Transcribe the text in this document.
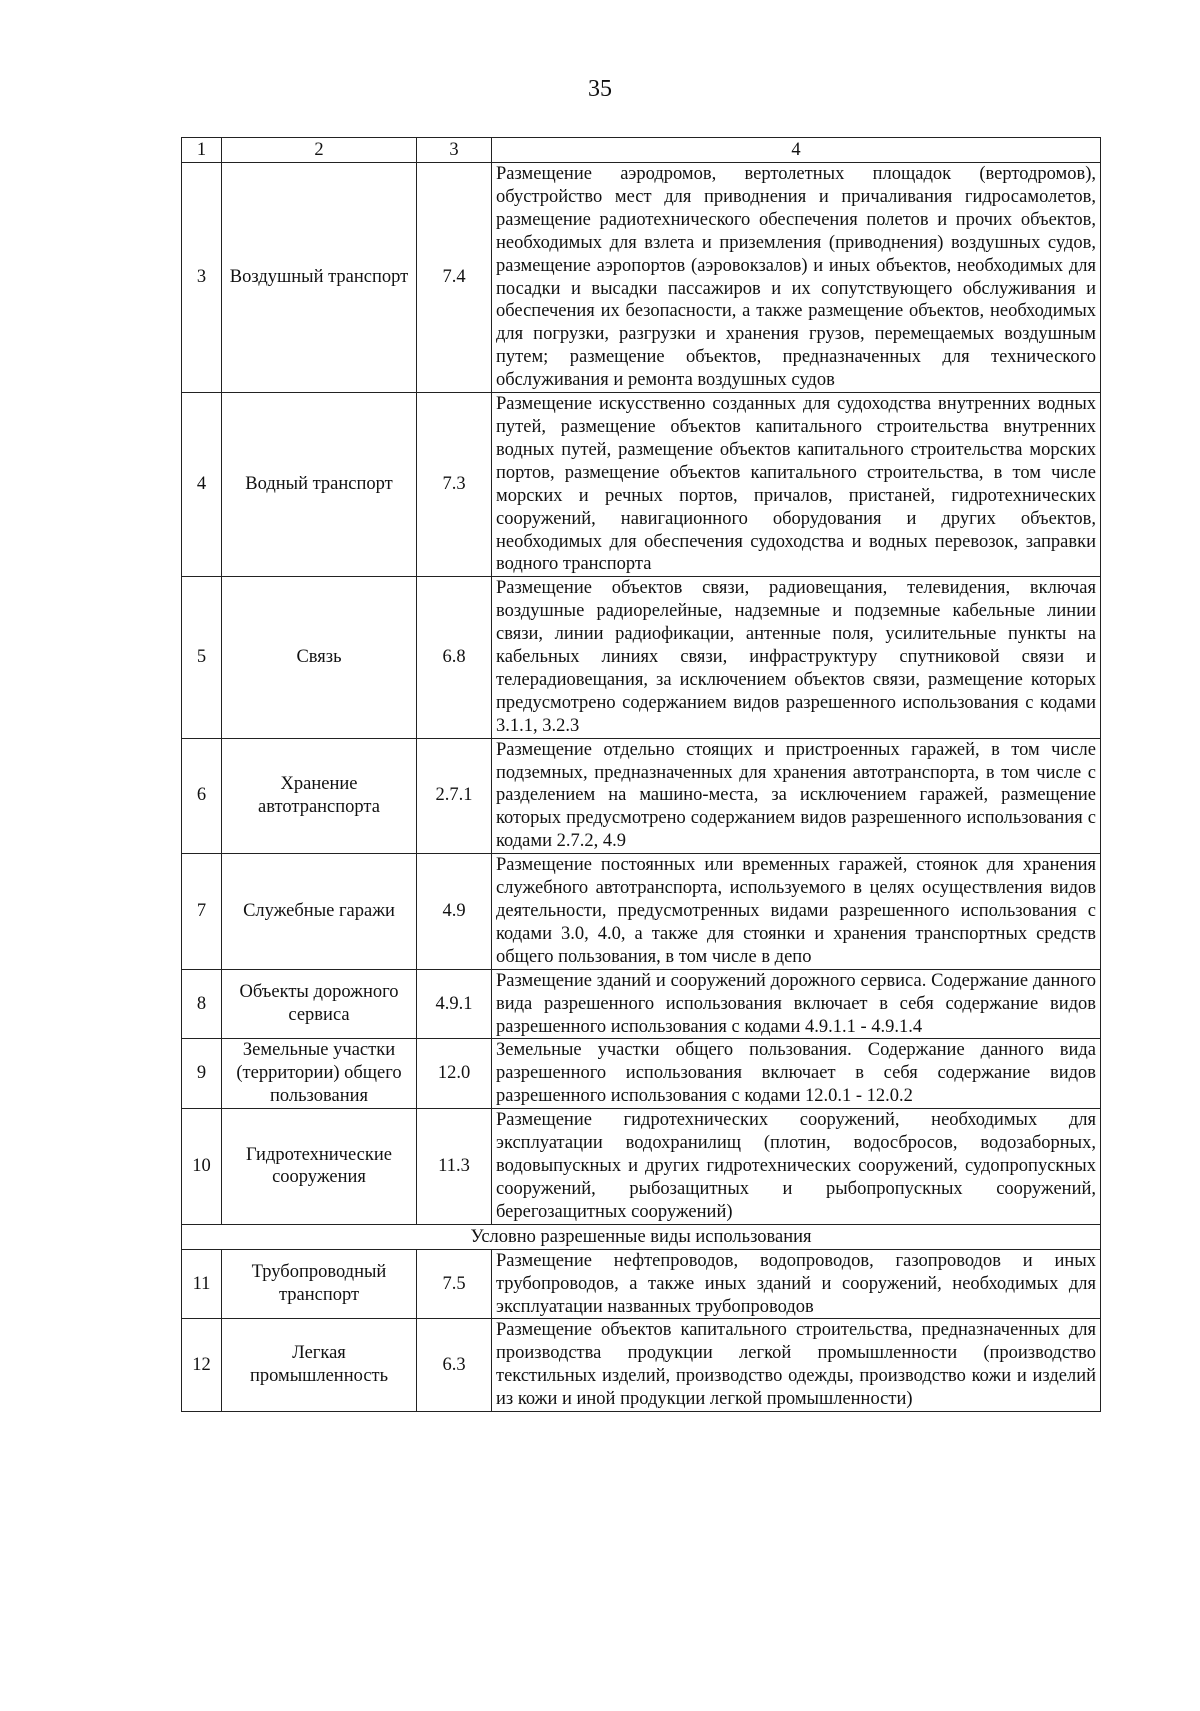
35
1	2	3	4
3	Воздушный транспорт	7.4	Размещение аэродромов, вертолетных площадок (вертодромов), обустройство мест для приводнения и причаливания гидросамолетов, размещение радиотехнического обеспечения полетов и прочих объектов, необходимых для взлета и приземления (приводнения) воздушных судов, размещение аэропортов (аэровокзалов) и иных объектов, необходимых для посадки и высадки пассажиров и их сопутствующего обслуживания и обеспечения их безопасности, а также размещение объектов, необходимых для погрузки, разгрузки и хранения грузов, перемещаемых воздушным путем; размещение объектов, предназначенных для технического обслуживания и ремонта воздушных судов
4	Водный транспорт	7.3	Размещение искусственно созданных для судоходства внутренних водных путей, размещение объектов капитального строительства внутренних водных путей, размещение объектов капитального строительства морских портов, размещение объектов капитального строительства, в том числе морских и речных портов, причалов, пристаней, гидротехнических сооружений, навигационного оборудования и других объектов, необходимых для обеспечения судоходства и водных перевозок, заправки водного транспорта
5	Связь	6.8	Размещение объектов связи, радиовещания, телевидения, включая воздушные радиорелейные, надземные и подземные кабельные линии связи, линии радиофикации, антенные поля, усилительные пункты на кабельных линиях связи, инфраструктуру спутниковой связи и телерадиовещания, за исключением объектов связи, размещение которых предусмотрено содержанием видов разрешенного использования с кодами 3.1.1, 3.2.3
6	Хранение автотранспорта	2.7.1	Размещение отдельно стоящих и пристроенных гаражей, в том числе подземных, предназначенных для хранения автотранспорта, в том числе с разделением на машино-места, за исключением гаражей, размещение которых предусмотрено содержанием видов разрешенного использования с кодами 2.7.2, 4.9
7	Служебные гаражи	4.9	Размещение постоянных или временных гаражей, стоянок для хранения служебного автотранспорта, используемого в целях осуществления видов деятельности, предусмотренных видами разрешенного использования с кодами 3.0, 4.0, а также для стоянки и хранения транспортных средств общего пользования, в том числе в депо
8	Объекты дорожного сервиса	4.9.1	Размещение зданий и сооружений дорожного сервиса. Содержание данного вида разрешенного использования включает в себя содержание видов разрешенного использования с кодами 4.9.1.1 - 4.9.1.4
9	Земельные участки (территории) общего пользования	12.0	Земельные участки общего пользования. Содержание данного вида разрешенного использования включает в себя содержание видов разрешенного использования с кодами 12.0.1 - 12.0.2
10	Гидротехнические сооружения	11.3	Размещение гидротехнических сооружений, необходимых для эксплуатации водохранилищ (плотин, водосбросов, водозаборных, водовыпускных и других гидротехнических сооружений, судопропускных сооружений, рыбозащитных и рыбопропускных сооружений, берегозащитных сооружений)
Условно разрешенные виды использования			
11	Трубопроводный транспорт	7.5	Размещение нефтепроводов, водопроводов, газопроводов и иных трубопроводов, а также иных зданий и сооружений, необходимых для эксплуатации названных трубопроводов
12	Легкая промышленность	6.3	Размещение объектов капитального строительства, предназначенных для производства продукции легкой промышленности (производство текстильных изделий, производство одежды, производство кожи и изделий из кожи и иной продукции легкой промышленности)
